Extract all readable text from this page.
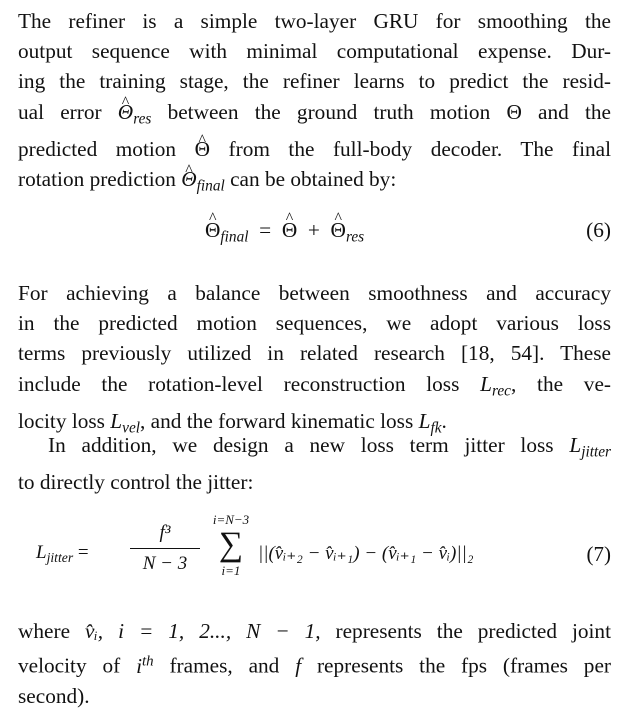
The refiner is a simple two-layer GRU for smoothing the
output sequence with minimal computational expense. Dur-
ing the training stage, the refiner learns to predict the resid-
ual error ^ $\Theta_{res}$ between the ground truth motion Θ and the
predicted motion ^ Θ from the full-body decoder. The final
rotation prediction ^ $\Theta_{final}$ can be obtained by:
^ $\Theta_{final}$ = ^ Θ + ^ $\Theta_{res}$	(6)
For achieving a balance between smoothness and accuracy
in the predicted motion sequences, we adopt various loss
terms previously utilized in related research [18, 54]. These
include the rotation-level reconstruction loss $L_{rec}$, the ve-
locity loss $L_{vel}$, and the forward kinematic loss $L_{fk}$.
In addition, we design a new loss term jitter loss $L_{jitter}$
to directly control the jitter:
$L_{jitter}$ =
f³
N − 3
i=N−3
∑
i=1
||(v̂ᵢ₊₂ − v̂ᵢ₊₁) − (v̂ᵢ₊₁ − v̂ᵢ)||₂	(7)
where v̂ᵢ, i = 1, 2..., N − 1, represents the predicted joint
velocity of $i^{th}$ frames, and f represents the fps (frames per
second).
